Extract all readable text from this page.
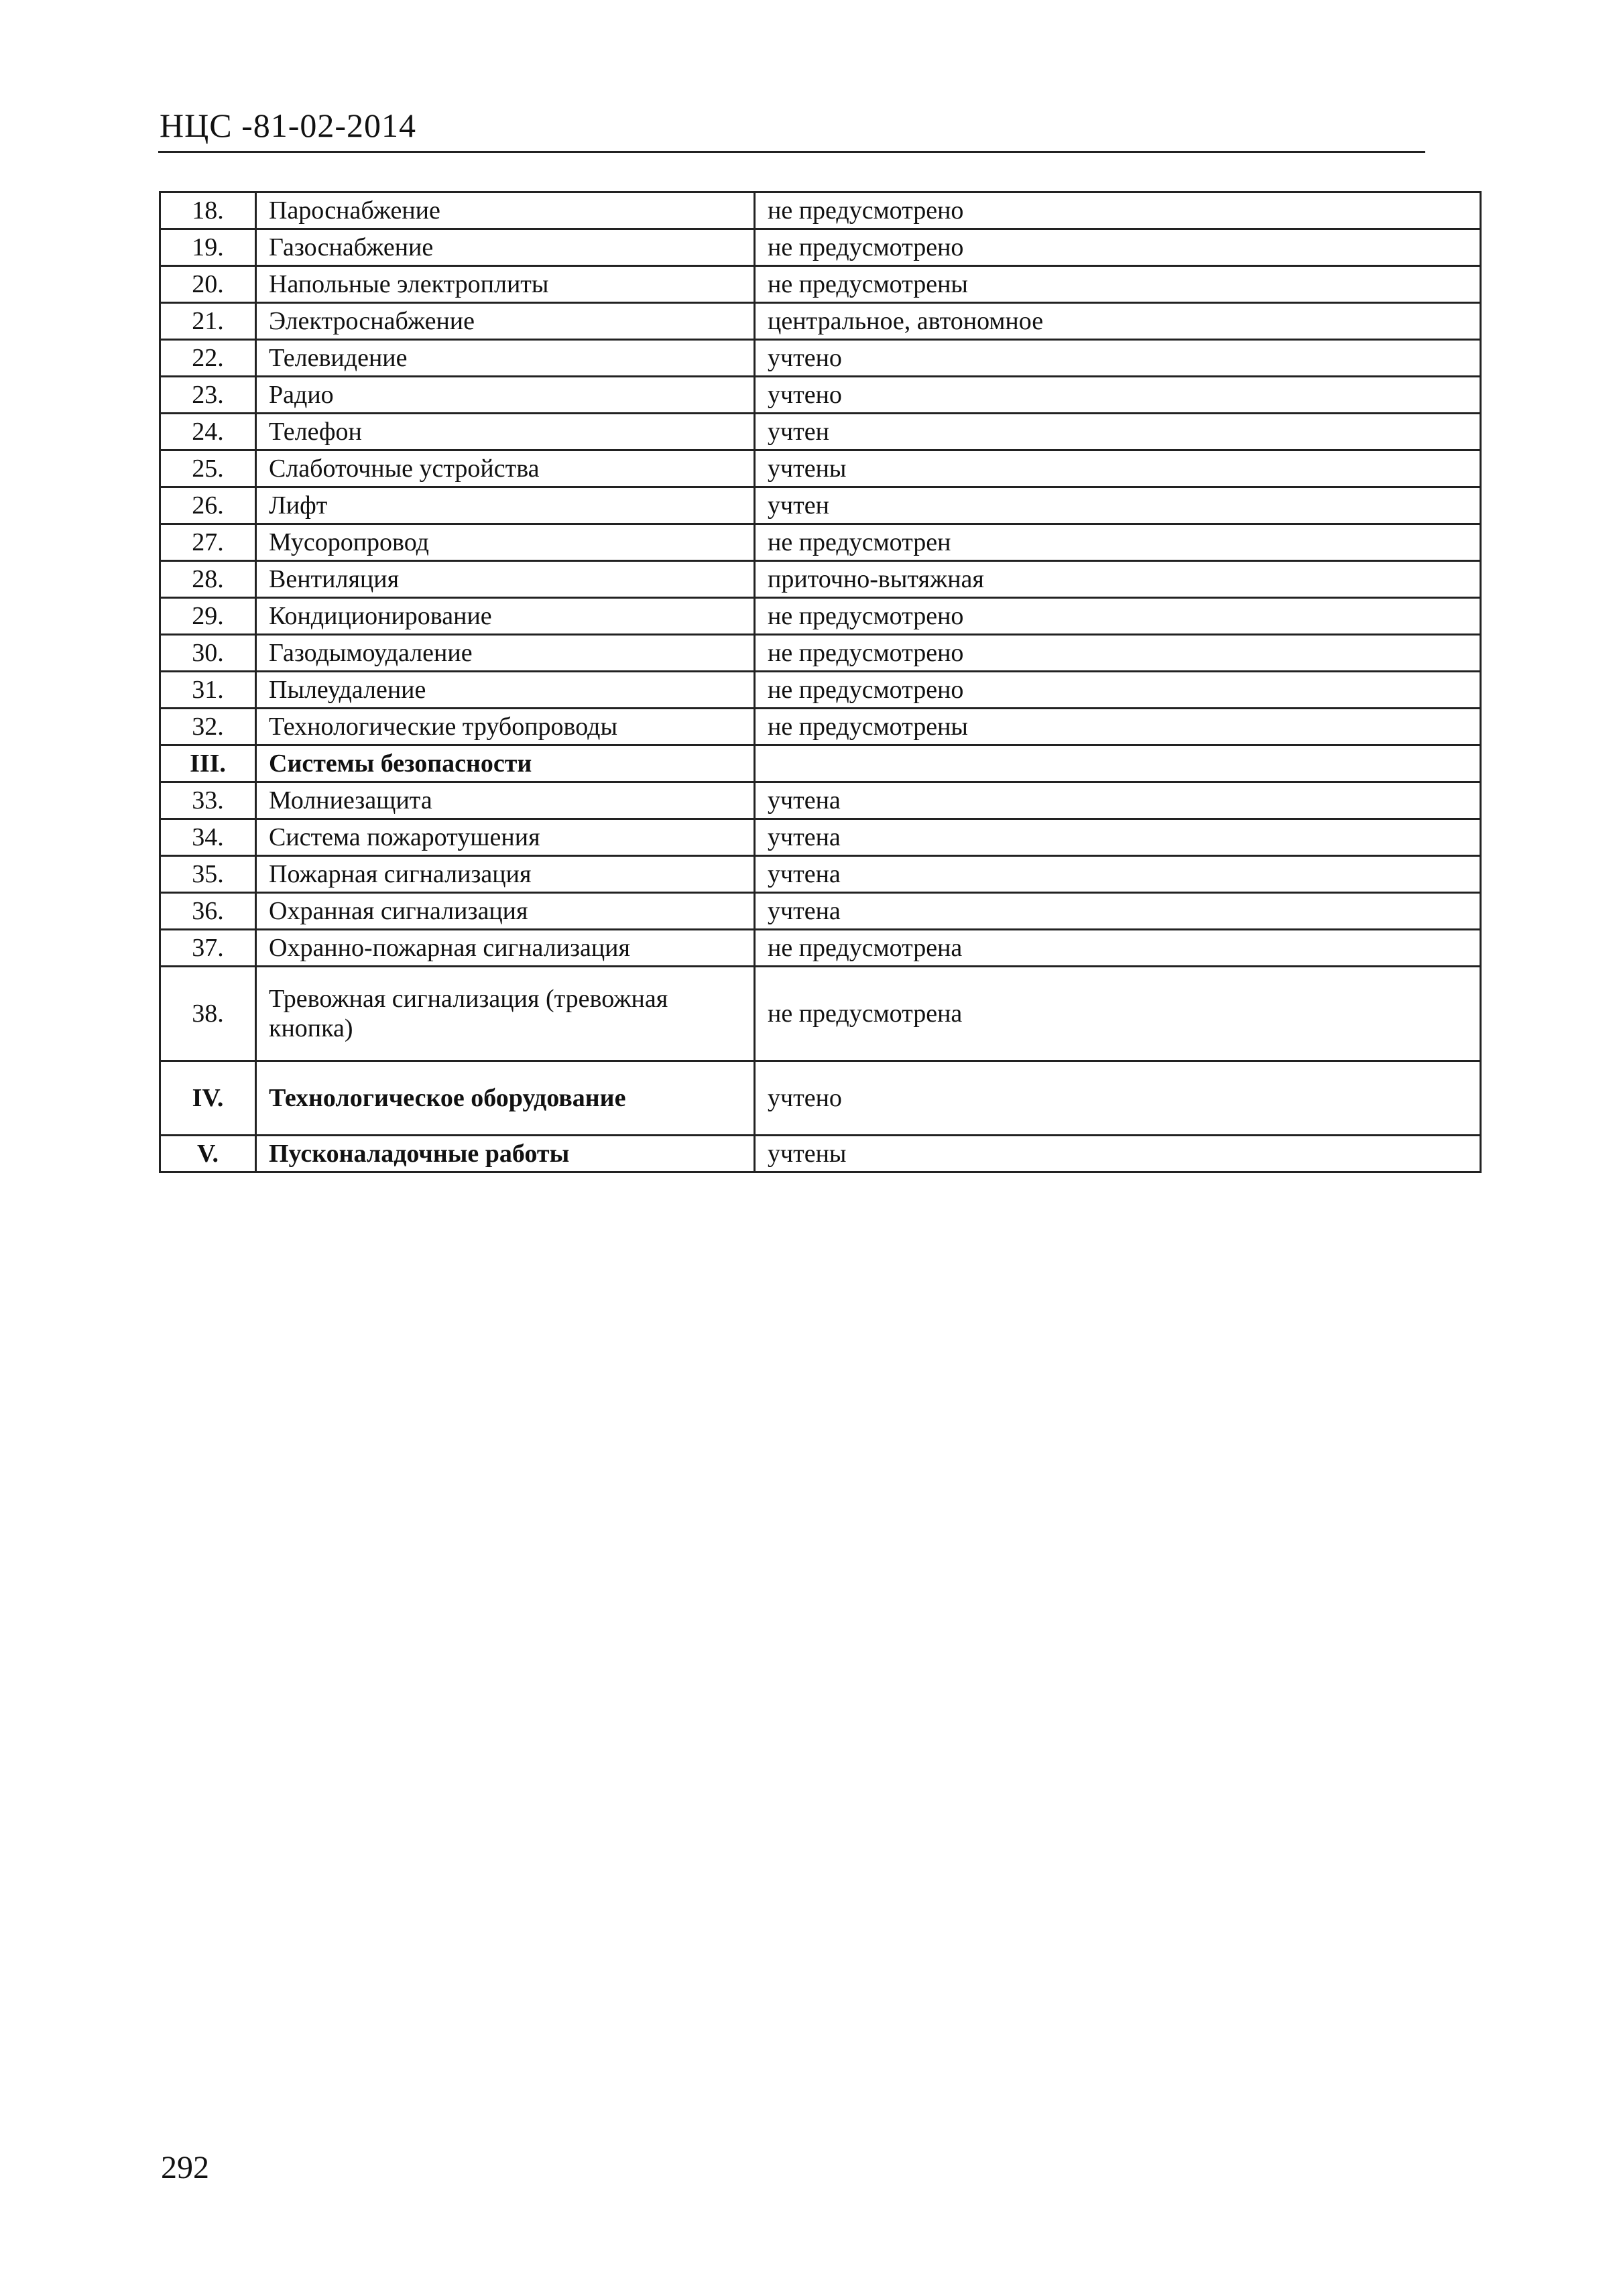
НЦС -81-02-2014
18.	Пароснабжение	не предусмотрено
19.	Газоснабжение	не предусмотрено
20.	Напольные электроплиты	не предусмотрены
21.	Электроснабжение	центральное, автономное
22.	Телевидение	учтено
23.	Радио	учтено
24.	Телефон	учтен
25.	Слаботочные устройства	учтены
26.	Лифт	учтен
27.	Мусоропровод	не предусмотрен
28.	Вентиляция	приточно-вытяжная
29.	Кондиционирование	не предусмотрено
30.	Газодымоудаление	не предусмотрено
31.	Пылеудаление	не предусмотрено
32.	Технологические трубопроводы	не предусмотрены
III.	Системы безопасности	
33.	Молниезащита	учтена
34.	Система пожаротушения	учтена
35.	Пожарная сигнализация	учтена
36.	Охранная сигнализация	учтена
37.	Охранно-пожарная сигнализация	не предусмотрена
38.	Тревожная сигнализация (тревожная кнопка)	не предусмотрена
IV.	Технологическое оборудование	учтено
V.	Пусконаладочные работы	учтены
292
